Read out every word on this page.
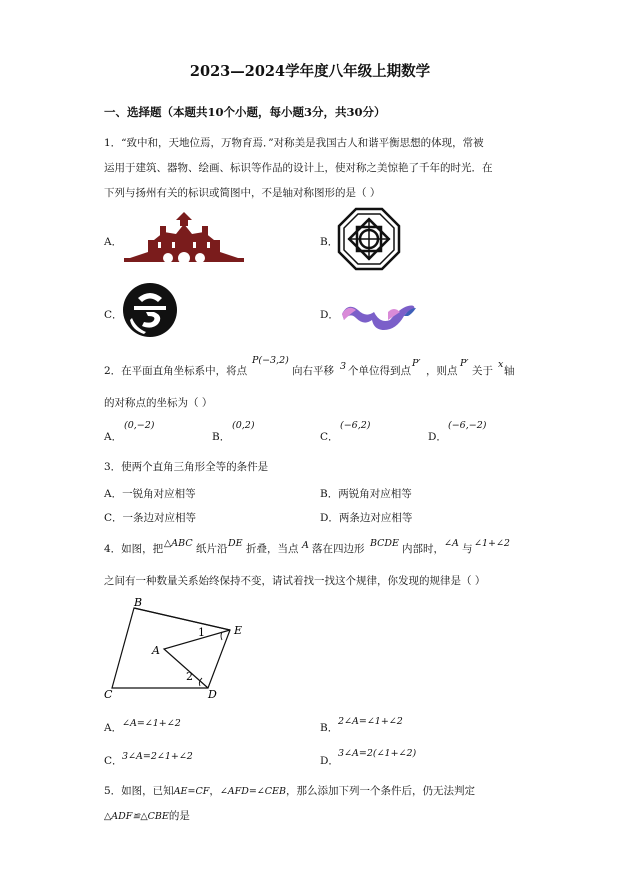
2023—2024学年度八年级上期数学
一、选择题（本题共10个小题，每小题3分，共30分）
1．“致中和，天地位焉，万物育焉．”对称美是我国古人和谐平衡思想的体现，常被
运用于建筑、器物、绘画、标识等作品的设计上，使对称之美惊艳了千年的时光．在
下列与扬州有关的标识或简图中，不是轴对称图形的是（ ）
A．	B．
C．	D．
2．在平面直角坐标系中，将点
P(−3,2)
向右平移 3 个单位得到点
P′
，则点
P′
关于
x
轴
的对称点的坐标为（ ）
A．
(0,−2)
B．
(0,2)
C．
(−6,2)
D．
(−6,−2)
3．使两个直角三角形全等的条件是
A．一锐角对应相等	B．两锐角对应相等
C．一条边对应相等	D．两条边对应相等
4．如图，把 △ABC 纸片沿 DE 折叠，当点 A 落在四边形 BCDE 内部时， ∠A 与 ∠1+∠2
之间有一种数量关系始终保持不变，请试着找一找这个规律，你发现的规律是（ ）
B
E
A
C	D
1
2
A． ∠A=∠1+∠2	B．
2∠A=∠1+∠2
C． 3∠A=2∠1+∠2	D．
3∠A=2(∠1+∠2)
5．如图，已知AE=CF，∠AFD=∠CEB，那么添加下列一个条件后，仍无法判定
△ADF≌△CBE的是
